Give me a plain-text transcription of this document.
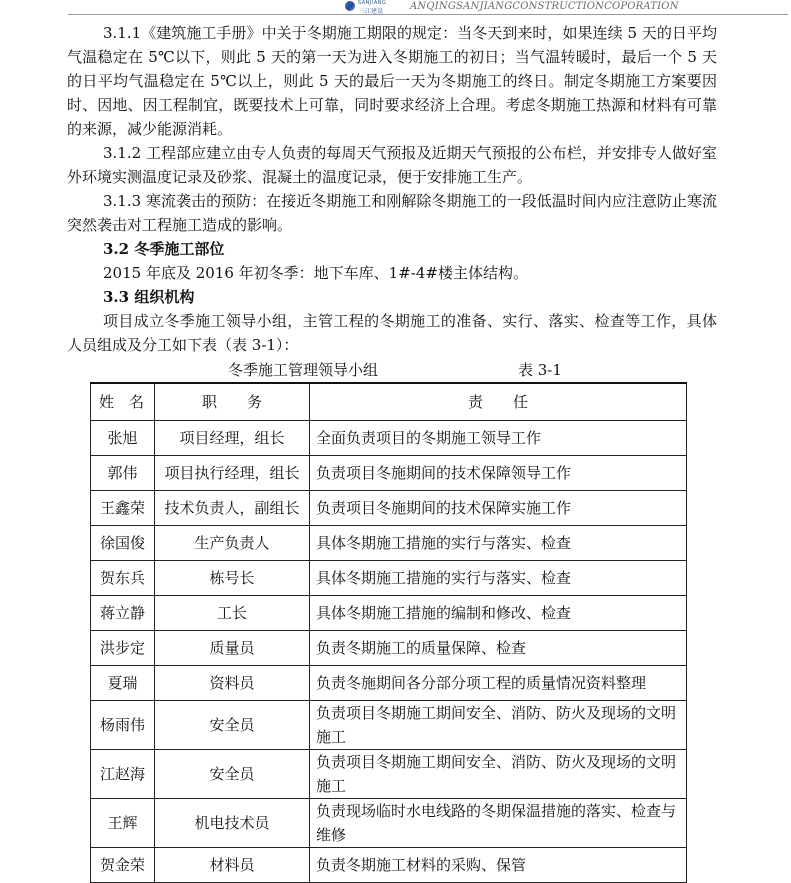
SANJIANG
三江建设	ANQINGSANJIANGCONSTRUCTIONCOPORATION

3.1.1《建筑施工手册》中关于冬期施工期限的规定：当冬天到来时，如果连续 5 天的日平均气温稳定在 5℃以下，则此 5 天的第一天为进入冬期施工的初日；当气温转暖时，最后一个 5 天的日平均气温稳定在 5℃以上，则此 5 天的最后一天为冬期施工的终日。制定冬期施工方案要因时、因地、因工程制宜，既要技术上可靠，同时要求经济上合理。考虑冬期施工热源和材料有可靠的来源，减少能源消耗。

3.1.2 工程部应建立由专人负责的每周天气预报及近期天气预报的公布栏，并安排专人做好室外环境实测温度记录及砂浆、混凝土的温度记录，便于安排施工生产。

3.1.3 寒流袭击的预防：在接近冬期施工和刚解除冬期施工的一段低温时间内应注意防止寒流突然袭击对工程施工造成的影响。

3.2 冬季施工部位

2015 年底及 2016 年初冬季：地下车库、1#-4#楼主体结构。

3.3 组织机构

项目成立冬季施工领导小组，主管工程的冬期施工的准备、实行、落实、检查等工作，具体人员组成及分工如下表（表 3-1）：

冬季施工管理领导小组	表 3-1
姓　名	职　　务	责　　任
张旭	项目经理，组长	全面负责项目的冬期施工领导工作
郭伟	项目执行经理，组长	负责项目冬施期间的技术保障领导工作
王鑫荣	技术负责人，副组长	负责项目冬施期间的技术保障实施工作
徐国俊	生产负责人	具体冬期施工措施的实行与落实、检查
贺东兵	栋号长	具体冬期施工措施的实行与落实、检查
蒋立静	工长	具体冬期施工措施的编制和修改、检查
洪步定	质量员	负责冬期施工的质量保障、检查
夏瑞	资料员	负责冬施期间各分部分项工程的质量情况资料整理
杨雨伟	安全员	负责项目冬期施工期间安全、消防、防火及现场的文明施工
江赵海	安全员	负责项目冬期施工期间安全、消防、防火及现场的文明施工
王辉	机电技术员	负责现场临时水电线路的冬期保温措施的落实、检查与维修
贺金荣	材料员	负责冬期施工材料的采购、保管
